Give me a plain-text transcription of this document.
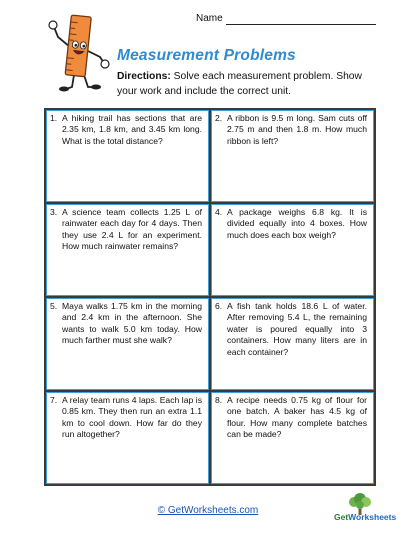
Name
Measurement Problems
Directions: Solve each measurement problem. Show your work and include the correct unit.
1. A hiking trail has sections that are 2.35 km, 1.8 km, and 3.45 km long. What is the total distance?
2. A ribbon is 9.5 m long. Sam cuts off 2.75 m and then 1.8 m. How much ribbon is left?
3. A science team collects 1.25 L of rainwater each day for 4 days. Then they use 2.4 L for an experiment. How much rainwater remains?
4. A package weighs 6.8 kg. It is divided equally into 4 boxes. How much does each box weigh?
5. Maya walks 1.75 km in the morning and 2.4 km in the afternoon. She wants to walk 5.0 km today. How much farther must she walk?
6. A fish tank holds 18.6 L of water. After removing 5.4 L, the remaining water is poured equally into 3 containers. How many liters are in each container?
7. A relay team runs 4 laps. Each lap is 0.85 km. They then run an extra 1.1 km to cool down. How far do they run altogether?
8. A recipe needs 0.75 kg of flour for one batch. A baker has 4.5 kg of flour. How many complete batches can be made?
© GetWorksheets.com
GetWorksheets
